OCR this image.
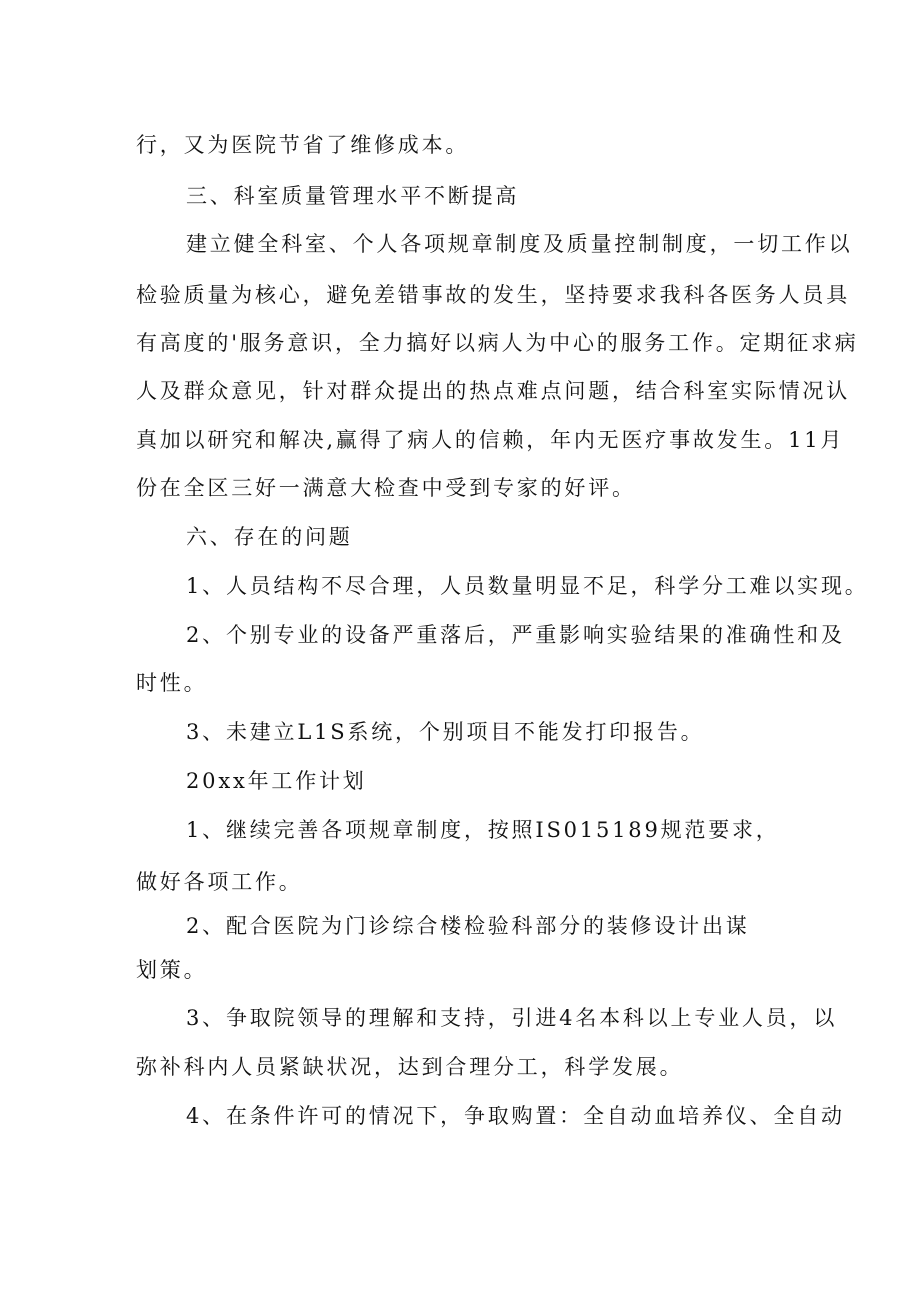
行，又为医院节省了维修成本。
三、科室质量管理水平不断提高
建立健全科室、个人各项规章制度及质量控制制度，一切工作以
检验质量为核心，避免差错事故的发生，坚持要求我科各医务人员具
有高度的'服务意识，全力搞好以病人为中心的服务工作。定期征求病
人及群众意见，针对群众提出的热点难点问题，结合科室实际情况认
真加以研究和解决,赢得了病人的信赖，年内无医疗事故发生。11月
份在全区三好一满意大检查中受到专家的好评。
六、存在的问题
1、人员结构不尽合理，人员数量明显不足，科学分工难以实现。
2、个别专业的设备严重落后，严重影响实验结果的准确性和及
时性。
3、未建立L1S系统，个别项目不能发打印报告。
20xx年工作计划
1、继续完善各项规章制度，按照IS015189规范要求，
做好各项工作。
2、配合医院为门诊综合楼检验科部分的装修设计出谋
划策。
3、争取院领导的理解和支持，引进4名本科以上专业人员，以
弥补科内人员紧缺状况，达到合理分工，科学发展。
4、在条件许可的情况下，争取购置：全自动血培养仪、全自动
